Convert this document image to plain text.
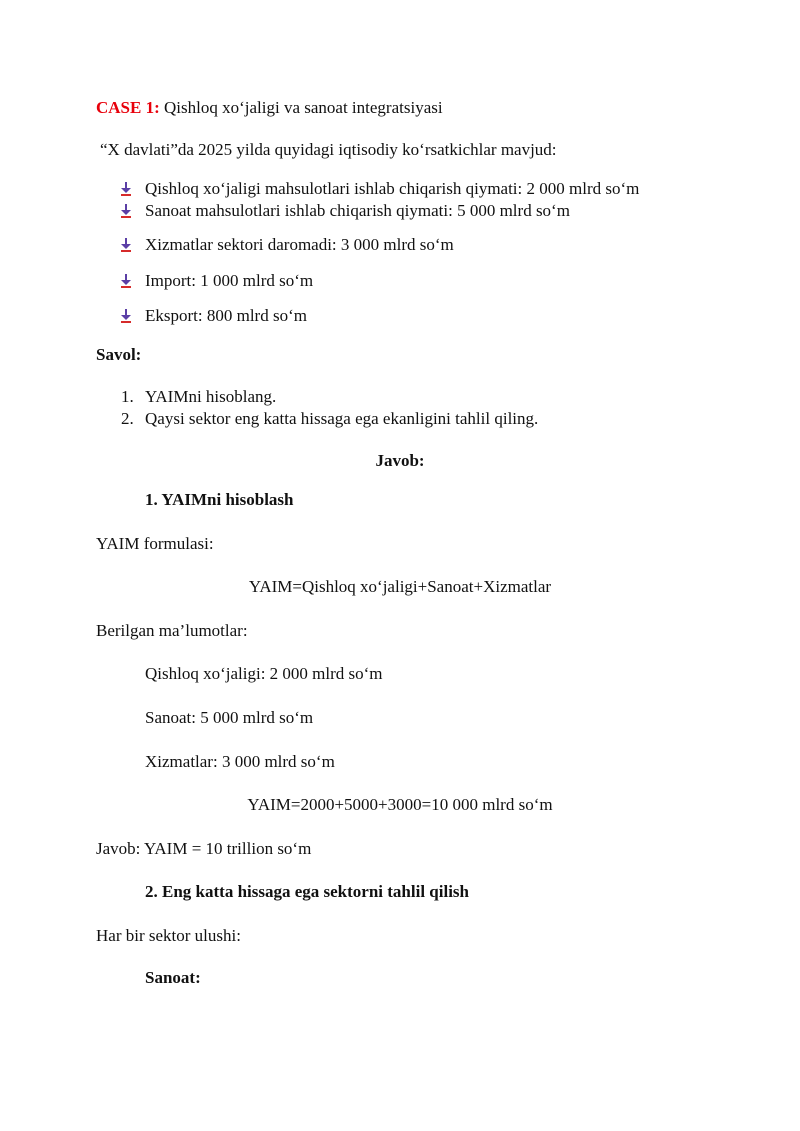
CASE 1: Qishloq xo‘jaligi va sanoat integratsiyasi
“X davlati”da 2025 yilda quyidagi iqtisodiy ko‘rsatkichlar mavjud:
Qishloq xo‘jaligi mahsulotlari ishlab chiqarish qiymati: 2 000 mlrd so‘m
Sanoat mahsulotlari ishlab chiqarish qiymati: 5 000 mlrd so‘m
Xizmatlar sektori daromadi: 3 000 mlrd so‘m
Import: 1 000 mlrd so‘m
Eksport: 800 mlrd so‘m
Savol:
1. YAIMni hisoblang.
2. Qaysi sektor eng katta hissaga ega ekanligini tahlil qiling.
Javob:
1. YAIMni hisoblash
YAIM formulasi:
YAIM=Qishloq xo‘jaligi+Sanoat+Xizmatlar
Berilgan ma’lumotlar:
Qishloq xo‘jaligi: 2 000 mlrd so‘m
Sanoat: 5 000 mlrd so‘m
Xizmatlar: 3 000 mlrd so‘m
YAIM=2000+5000+3000=10 000 mlrd so‘m
Javob: YAIM = 10 trillion so‘m
2. Eng katta hissaga ega sektorni tahlil qilish
Har bir sektor ulushi:
Sanoat:
